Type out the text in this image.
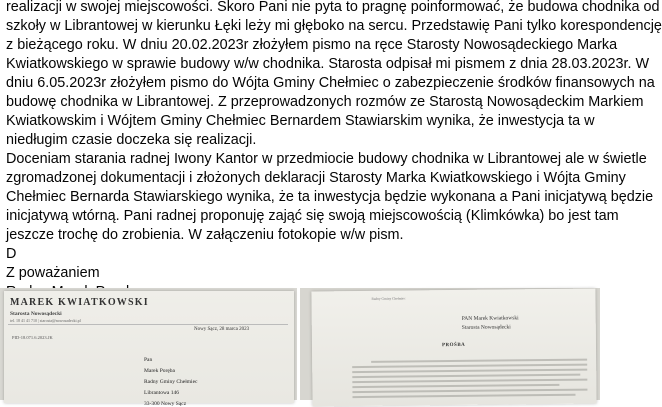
realizacji w swojej miejscowości. Skoro Pani nie pyta to pragnę poinformować, że budowa chodnika od

szkoły w Librantowej w kierunku Łęki leży mi głęboko na sercu. Przedstawię Pani tylko korespondencję

z bieżącego roku. W dniu 20.02.2023r złożyłem pismo na ręce Starosty Nowosądeckiego Marka

Kwiatkowskiego w sprawie budowy w/w chodnika. Starosta odpisał mi pismem z dnia 28.03.2023r. W

dniu 6.05.2023r złożyłem pismo do Wójta Gminy Chełmiec o zabezpieczenie środków finansowych na

budowę chodnika w Librantowej. Z przeprowadzonych rozmów ze Starostą Nowosądeckim Markiem

Kwiatkowskim i Wójtem Gminy Chełmiec Bernardem Stawiarskim wynika, że inwestycja ta w

niedługim czasie doczeka się realizacji.

Doceniam starania radnej Iwony Kantor w przedmiocie budowy chodnika w Librantowej ale w świetle

zgromadzonej dokumentacji i złożonych deklaracji Starosty Marka Kwiatkowskiego i Wójta Gminy

Chełmiec Bernarda Stawiarskiego wynika, że ta inwestycja będzie wykonana a Pani inicjatywą będzie

inicjatywą wtórną. Pani radnej proponuję zająć się swoją miejscowością (Klimkówka) bo jest tam

jeszcze trochę do zrobienia. W załączeniu fotokopie w/w pism.

D

Z poważaniem

MAREK KWIATKOWSKI
Starosta Nowosądecki
tel. 18 41 41 710 | starosta@nowosadecki.pl
PID-18.071.6.2023.JK
Nowy Sącz, 28 marca 2023
Pan
Marek Poręba
Radny Gminy Chełmiec
Librantowa 146
33-300 Nowy Sącz
Radny Gminy Chełmiec
PAN Marek Kwiatkowski
Starosta Nowosądecki
PROŚBA
